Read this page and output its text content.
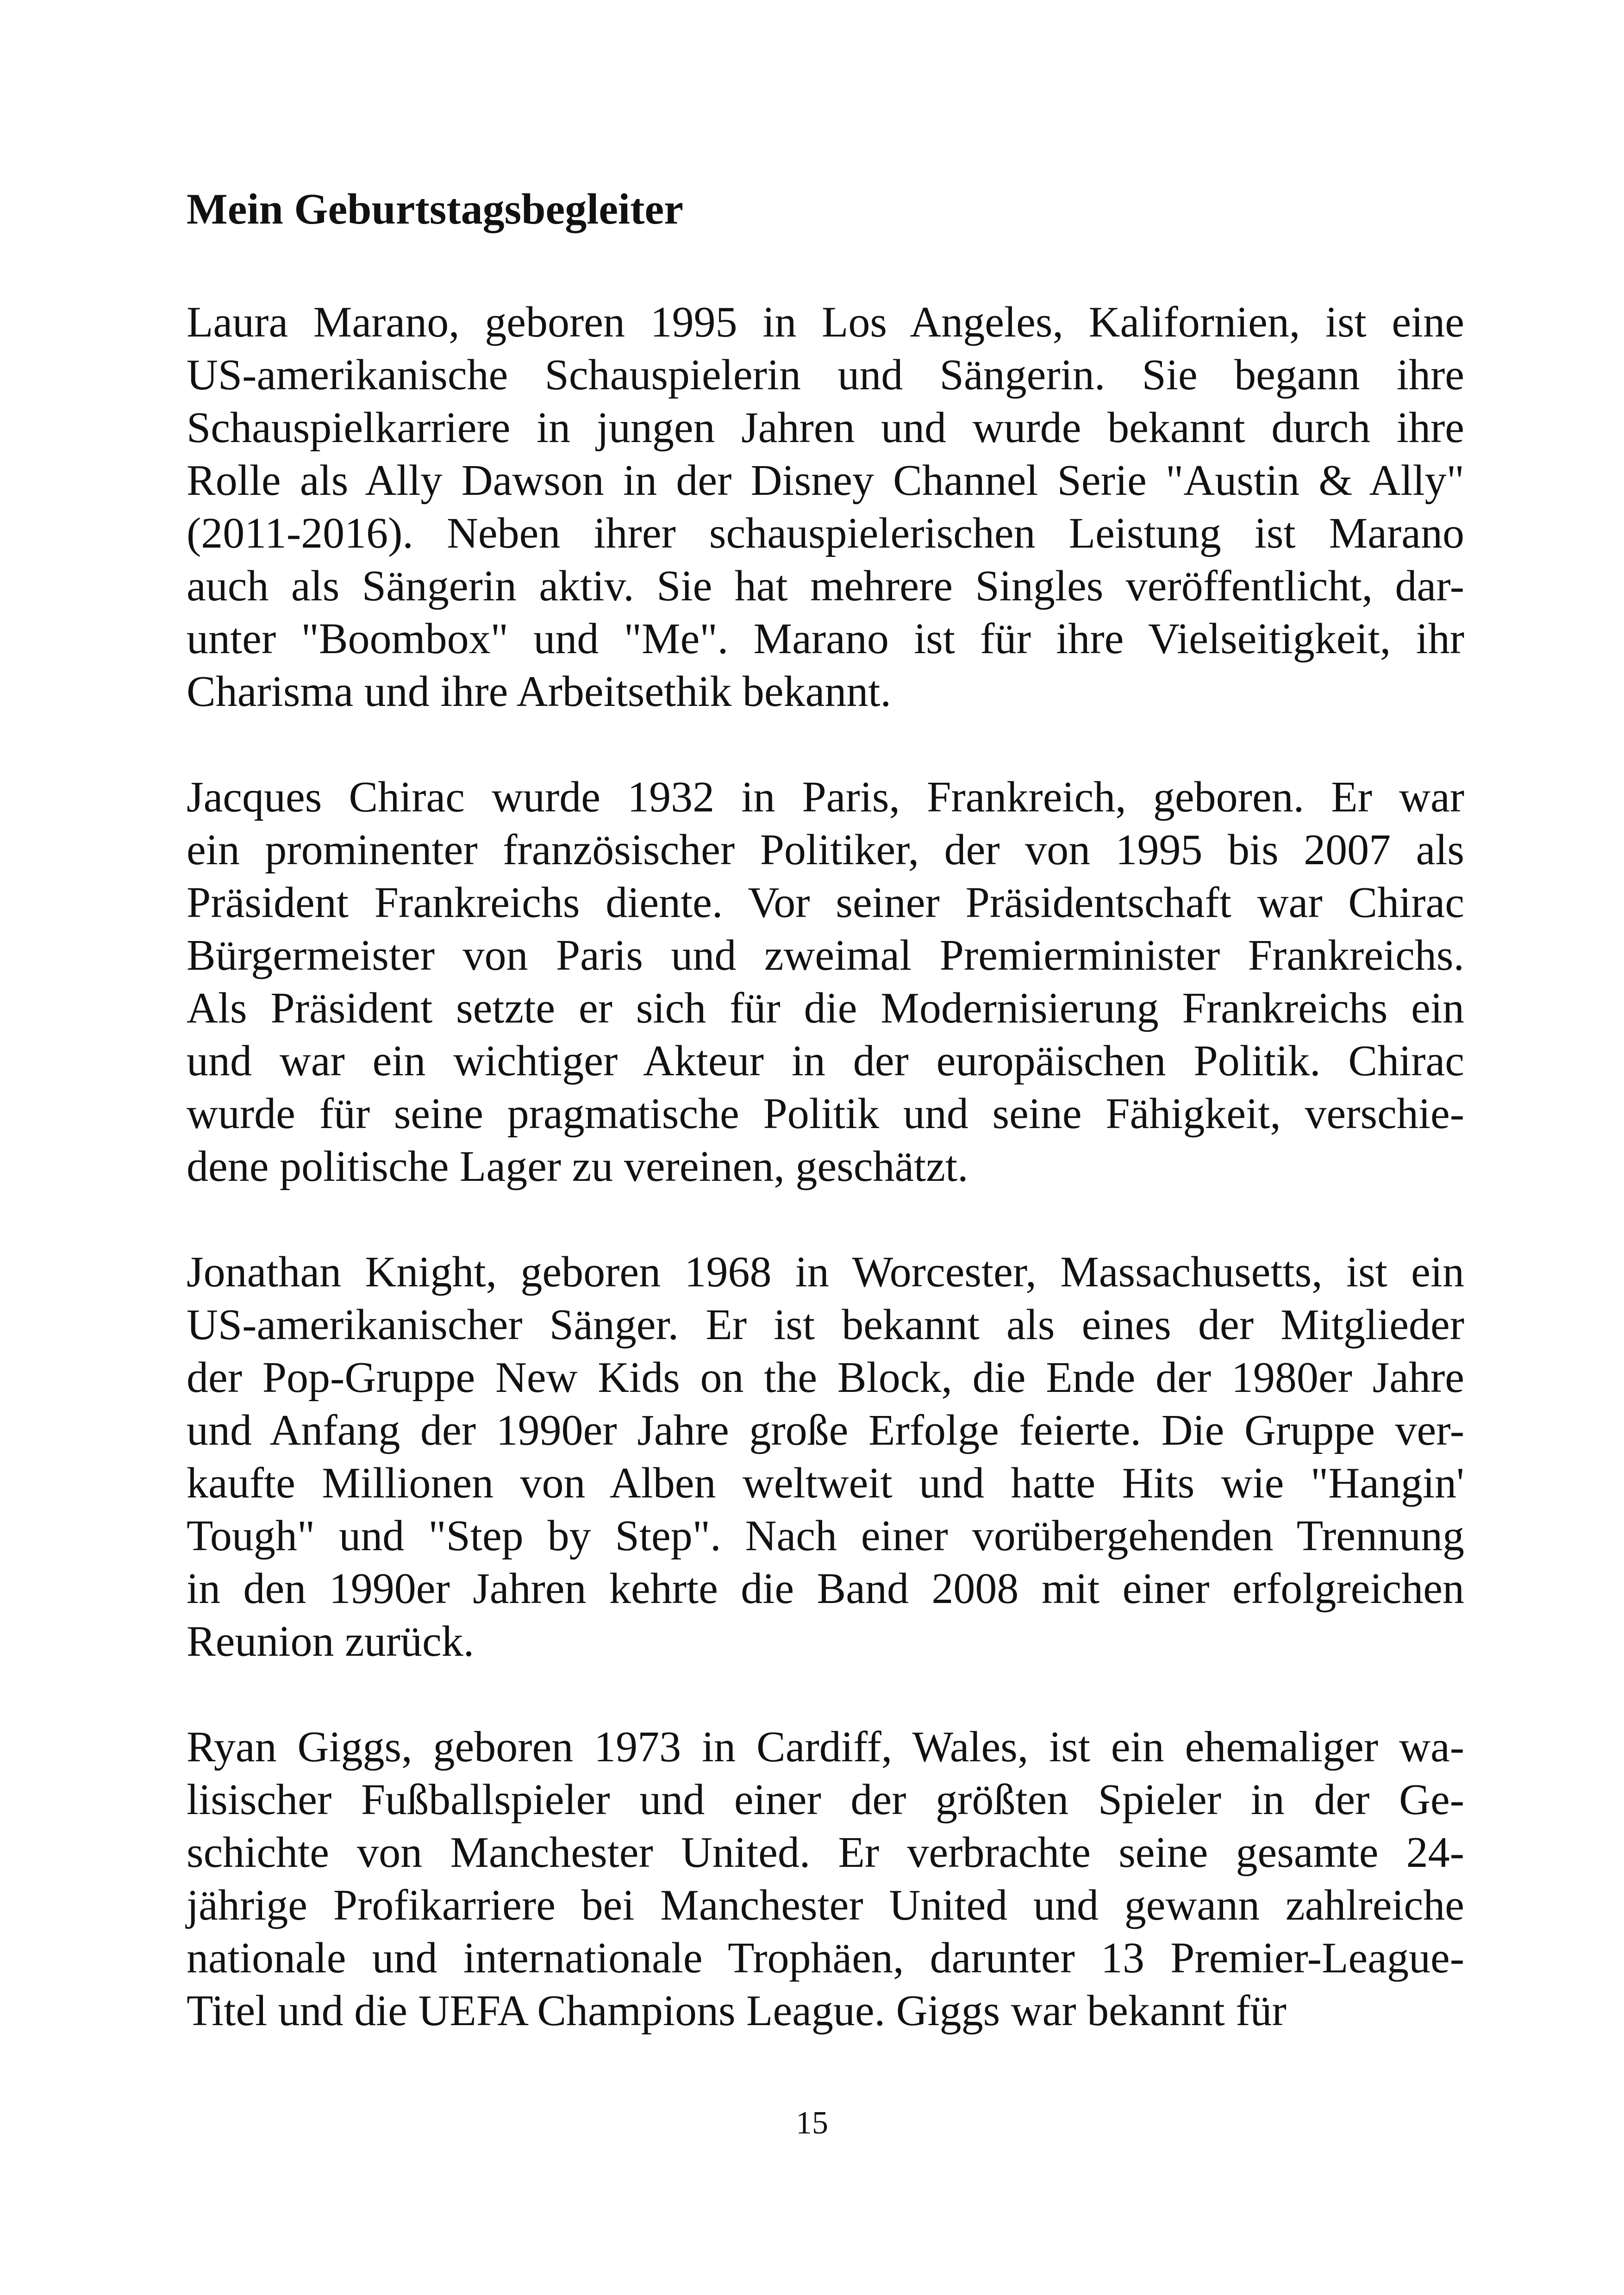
Mein Geburtstagsbegleiter
Laura Marano, geboren 1995 in Los Angeles, Kalifornien, ist eine
US-amerikanische Schauspielerin und Sängerin. Sie begann ihre
Schauspielkarriere in jungen Jahren und wurde bekannt durch ihre
Rolle als Ally Dawson in der Disney Channel Serie "Austin & Ally"
(2011-2016). Neben ihrer schauspielerischen Leistung ist Marano
auch als Sängerin aktiv. Sie hat mehrere Singles veröffentlicht, dar-
unter "Boombox" und "Me". Marano ist für ihre Vielseitigkeit, ihr
Charisma und ihre Arbeitsethik bekannt.
Jacques Chirac wurde 1932 in Paris, Frankreich, geboren. Er war
ein prominenter französischer Politiker, der von 1995 bis 2007 als
Präsident Frankreichs diente. Vor seiner Präsidentschaft war Chirac
Bürgermeister von Paris und zweimal Premierminister Frankreichs.
Als Präsident setzte er sich für die Modernisierung Frankreichs ein
und war ein wichtiger Akteur in der europäischen Politik. Chirac
wurde für seine pragmatische Politik und seine Fähigkeit, verschie-
dene politische Lager zu vereinen, geschätzt.
Jonathan Knight, geboren 1968 in Worcester, Massachusetts, ist ein
US-amerikanischer Sänger. Er ist bekannt als eines der Mitglieder
der Pop-Gruppe New Kids on the Block, die Ende der 1980er Jahre
und Anfang der 1990er Jahre große Erfolge feierte. Die Gruppe ver-
kaufte Millionen von Alben weltweit und hatte Hits wie "Hangin'
Tough" und "Step by Step". Nach einer vorübergehenden Trennung
in den 1990er Jahren kehrte die Band 2008 mit einer erfolgreichen
Reunion zurück.
Ryan Giggs, geboren 1973 in Cardiff, Wales, ist ein ehemaliger wa-
lisischer Fußballspieler und einer der größten Spieler in der Ge-
schichte von Manchester United. Er verbrachte seine gesamte 24-
jährige Profikarriere bei Manchester United und gewann zahlreiche
nationale und internationale Trophäen, darunter 13 Premier-League-
Titel und die UEFA Champions League. Giggs war bekannt für
15
